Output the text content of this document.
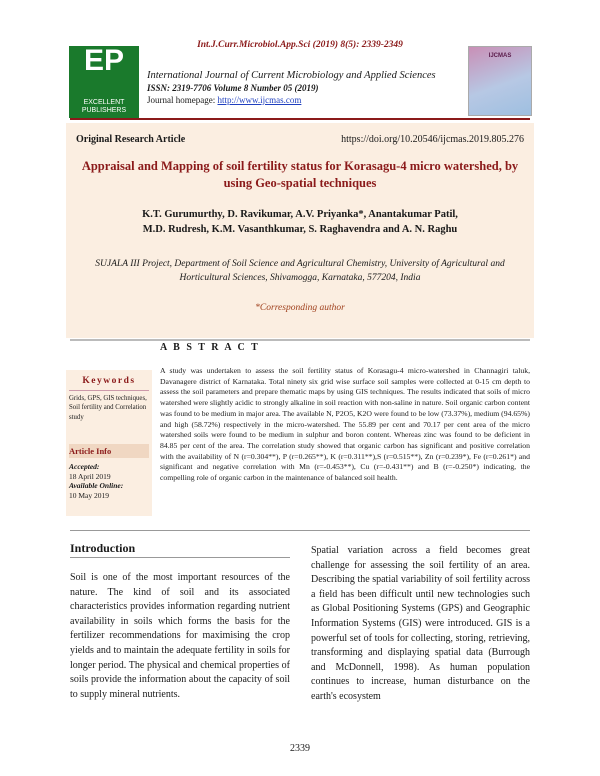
Int.J.Curr.Microbiol.App.Sci (2019) 8(5): 2339-2349
EP
EXCELLENT PUBLISHERS
IJCMAS
International Journal of Current Microbiology and Applied Sciences
ISSN: 2319-7706 Volume 8 Number 05 (2019)
Journal homepage: http://www.ijcmas.com
Original Research Article	https://doi.org/10.20546/ijcmas.2019.805.276
Appraisal and Mapping of soil fertility status for Korasagu-4 micro watershed, by using Geo-spatial techniques
K.T. Gurumurthy, D. Ravikumar, A.V. Priyanka*, Anantakumar Patil,
M.D. Rudresh, K.M. Vasanthkumar, S. Raghavendra and A. N. Raghu
SUJALA III Project, Department of Soil Science and Agricultural Chemistry, University of Agricultural and Horticultural Sciences, Shivamogga, Karnataka, 577204, India
*Corresponding author
A B S T R A C T
Keywords
Grids, GPS, GIS techniques, Soil fertility and Correlation study
Article Info
Accepted:
18 April 2019
Available Online:
10 May 2019
A study was undertaken to assess the soil fertility status of Korasagu-4 micro-watershed in Channagiri taluk, Davanagere district of Karnataka. Total ninety six grid wise surface soil samples were collected at 0-15 cm depth to assess the soil parameters and prepare thematic maps by using GIS techniques. The results indicated that soils of micro watershed were slightly acidic to strongly alkaline in soil reaction with non-saline in nature. Soil organic carbon content was found to be medium in major area. The available N, P2O5, K2O were found to be low (73.37%), medium (94.65%) and high (58.72%) respectively in the micro-watershed. The 55.89 per cent and 70.17 per cent area of the micro watershed soils were found to be medium in sulphur and boron content. Whereas zinc was found to be deficient in 84.85 per cent of the area. The correlation study showed that organic carbon has significant and positive correlation with the availability of N (r=0.304**), P (r=0.265**), K (r=0.311**),S (r=0.515**), Zn (r=0.239*), Fe (r=0.261*) and significant and negative correlation with Mn (r=-0.453**), Cu (r=-0.431**) and B (r=-0.250*) indicating, the compelling role of organic carbon in the maintenance of balanced soil health.
Introduction
Soil is one of the most important resources of the nature. The kind of soil and its associated characteristics provides information regarding nutrient availability in soils which forms the basis for the fertilizer recommendations for maximising the crop yields and to maintain the adequate fertility in soils for longer period. The physical and chemical properties of soils provide the information about the capacity of soil to supply mineral nutrients.
Spatial variation across a field becomes great challenge for assessing the soil fertility of an area. Describing the spatial variability of soil fertility across a field has been difficult until new technologies such as Global Positioning Systems (GPS) and Geographic Information Systems (GIS) were introduced. GIS is a powerful set of tools for collecting, storing, retrieving, transforming and displaying spatial data (Burrough and McDonnell, 1998). As human population continues to increase, human disturbance on the earth's ecosystem
2339
